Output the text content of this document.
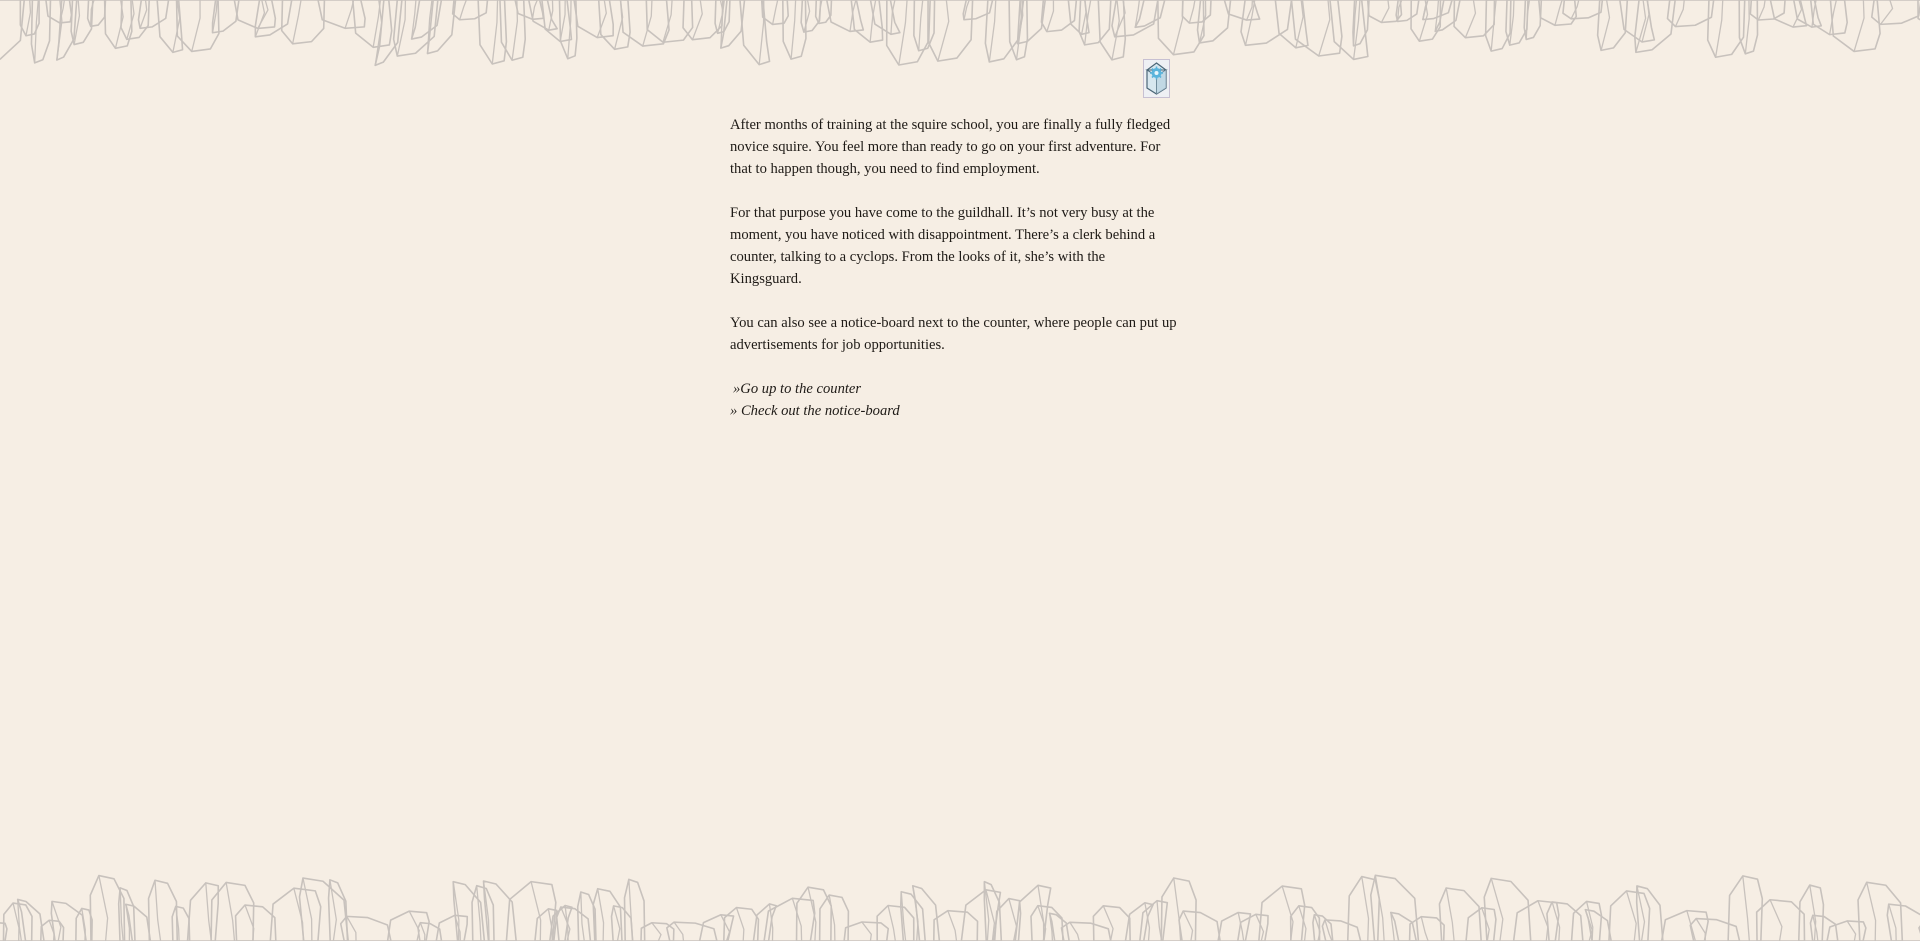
After months of training at the squire school, you are finally a fully fledged novice squire. You feel more than ready to go on your first adventure. For that to happen though, you need to find employment.

For that purpose you have come to the guildhall. It’s not very busy at the moment, you have noticed with disappointment. There’s a clerk behind a counter, talking to a cyclops. From the looks of it, she’s with the Kingsguard.

You can also see a notice-board next to the counter, where people can put up advertisements for job opportunities.

»Go up to the counter
» Check out the notice-board
